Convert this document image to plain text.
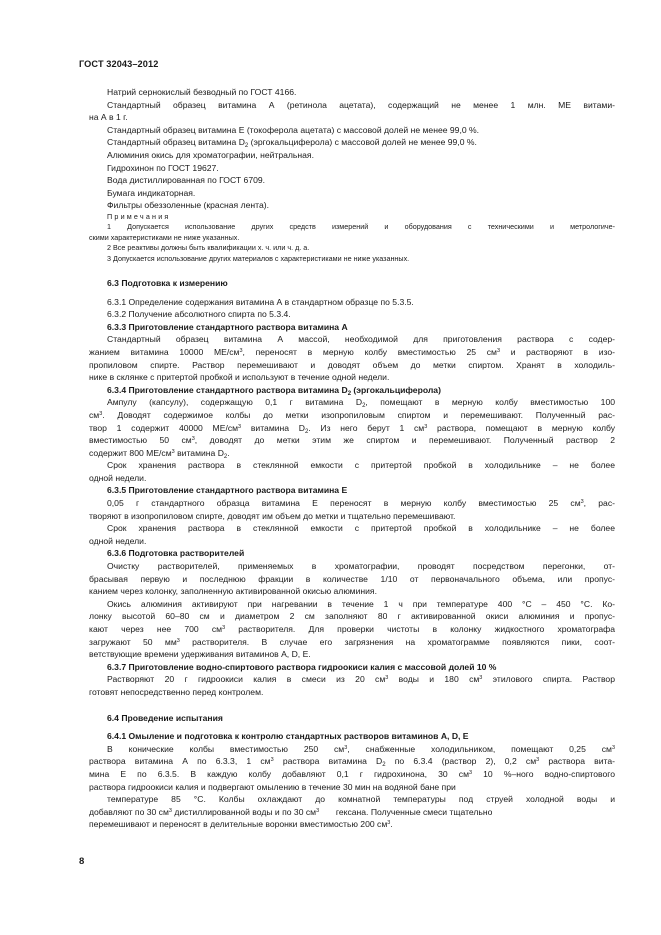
ГОСТ 32043–2012

Натрий сернокислый безводный по ГОСТ 4166.

Стандартный образец витамина А (ретинола ацетата), содержащий не менее 1 млн. МЕ витами-

на А в 1 г.

Стандартный образец витамина Е (токоферола ацетата) с массовой долей не менее 99,0 %.

Стандартный образец витамина $D_2$ (эргокальциферола) с массовой долей не менее 99,0 %.

Алюминия окись для хроматографии, нейтральная.

Гидрохинон по ГОСТ 19627.

Вода дистиллированная по ГОСТ 6709.

Бумага индикаторная.

Фильтры обеззоленные (красная лента).

Примечания

1 Допускается использование других средств измерений и оборудования с техническими и метрологиче-

скими характеристиками не ниже указанных.

2 Все реактивы должны быть квалификации х. ч. или ч. д. а.

3 Допускается использование других материалов с характеристиками не ниже указанных.

6.3 Подготовка к измерению

6.3.1 Определение содержания витамина А в стандартном образце по 5.3.5.

6.3.2 Получение абсолютного спирта по 5.3.4.

6.3.3 Приготовление стандартного раствора витамина А

Стандартный образец витамина А массой, необходимой для приготовления раствора с содер-

жанием витамина 10000 $МЕ/см^3$, переносят в мерную колбу вместимостью 25 $см^3$ и растворяют в изо-

пропиловом спирте. Раствор перемешивают и доводят объем до метки спиртом. Хранят в холодиль-

нике в склянке с притертой пробкой и используют в течение одной недели.

6.3.4 Приготовление стандартного раствора витамина $D_2$ (эргокальциферола)

Ампулу (капсулу), содержащую 0,1 г витамина $D_2$, помещают в мерную колбу вместимостью 100

$см^3$. Доводят содержимое колбы до метки изопропиловым спиртом и перемешивают. Полученный рас-

твор 1 содержит 40000 $МЕ/см^3$ витамина $D_2$. Из него берут 1 $см^3$ раствора, помещают в мерную колбу

вместимостью 50 $см^3$, доводят до метки этим же спиртом и перемешивают. Полученный раствор 2

содержит 800 $МЕ/см^3$ витамина $D_2$.

Срок хранения раствора в стеклянной емкости с притертой пробкой в холодильнике – не более

одной недели.

6.3.5 Приготовление стандартного раствора витамина Е

0,05 г стандартного образца витамина Е переносят в мерную колбу вместимостью 25 $см^3$, рас-

творяют в изопропиловом спирте, доводят им объем до метки и тщательно перемешивают.

Срок хранения раствора в стеклянной емкости с притертой пробкой в холодильнике – не более

одной недели.

6.3.6 Подготовка растворителей

Очистку растворителей, применяемых в хроматографии, проводят посредством перегонки, от-

брасывая первую и последнюю фракции в количестве 1/10 от первоначального объема, или пропус-

канием через колонку, заполненную активированной окисью алюминия.

Окись алюминия активируют при нагревании в течение 1 ч при температуре 400 °С – 450 °С. Ко-

лонку высотой 60–80 см и диаметром 2 см заполняют 80 г активированной окиси алюминия и пропус-

кают через нее 700 $см^3$ растворителя. Для проверки чистоты в колонку жидкостного хроматографа

загружают 50 $мм^3$ растворителя. В случае его загрязнения на хроматограмме появляются пики, соот-

ветствующие времени удерживания витаминов А, D, Е.

6.3.7 Приготовление водно-спиртового раствора гидроокиси калия с массовой долей 10 %

Растворяют 20 г гидроокиси калия в смеси из 20 $см^3$ воды и 180 $см^3$ этилового спирта. Раствор

готовят непосредственно перед контролем.

6.4 Проведение испытания

6.4.1 Омыление и подготовка к контролю стандартных растворов витаминов А, D, Е

В конические колбы вместимостью 250 $см^3$, снабженные холодильником, помещают 0,25 $см^3$

раствора витамина А по 6.3.3, 1 $см^3$ раствора витамина $D_2$ по 6.3.4 (раствор 2), 0,2 $см^3$ раствора вита-

мина Е по 6.3.5. В каждую колбу добавляют 0,1 г гидрохинона, 30 $см^3$ 10 %–ного водно-спиртового

раствора гидроокиси калия и подвергают омылению в течение 30 мин на водяной бане при

температуре 85 °С. Колбы охлаждают до комнатной температуры под струей холодной воды и

добавляют по 30 $см^3$ дистиллированной воды и по 30 $см^3$       гексана. Полученные смеси тщательно

перемешивают и переносят в делительные воронки вместимостью 200 $см^3$.

8
